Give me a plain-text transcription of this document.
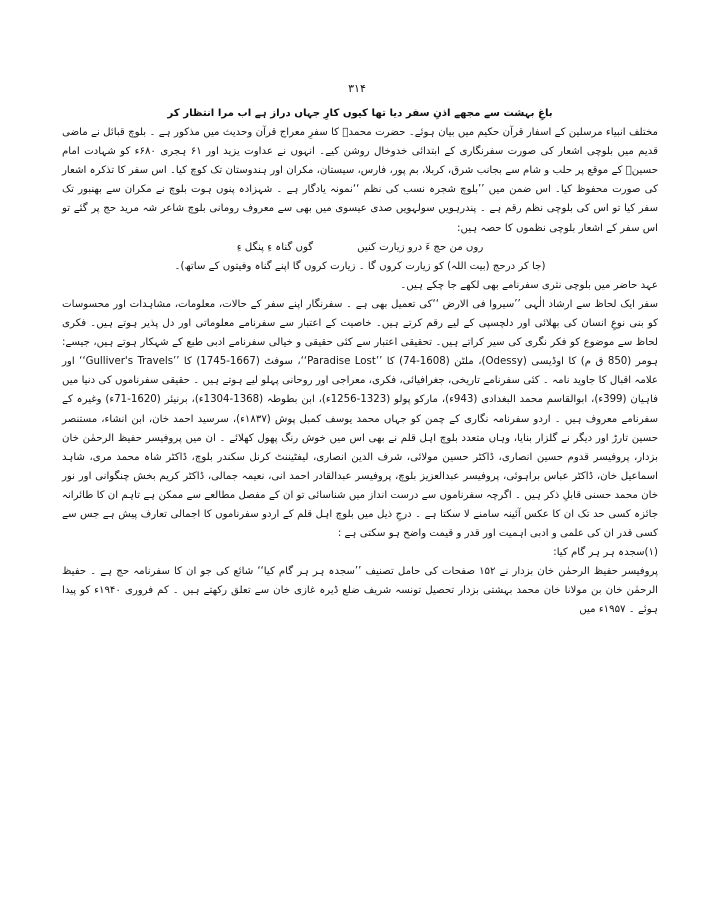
۳۱۴

باغِ بہشت سے مجھے اذنِ سفر دیا تھا کیوں کارِ جہاں دراز ہے اب مرا انتظار کر

مختلف انبیاء مرسلین کے اسفار قرآن حکیم میں بیان ہوئے۔ حضرت محمدؐ کا سفرِ معراج قرآن وحدیث میں مذکور ہے ۔ بلوچ قبائل نے ماضی قدیم میں بلوچی اشعار کی صورت سفرنگاری کے ابتدائی خدوخال روشن کیے۔ انہوں نے عداوت یزید اور ۶۱ ہجری ۶۸۰ء کو شہادت امام حسینؓ کے موقع پر حلب و شام سے بجانب شرق، کربلا، بم پور، فارس، سیستان، مکران اور ہندوستان تک کوچ کیا۔ اس سفر کا تذکرہ اشعار کی صورت محفوظ کیا۔ اس ضمن میں ’’بلوچ شجرہ نسب کی نظم ‘‘نمونہ یادگار ہے ۔ شہزادہ پنوں ہوت بلوچ نے مکران سے بھنبور تک سفر کیا تو اس کی بلوچی نظم رقم ہے ۔ پندرہویں سولہویں صدی عیسوی میں بھی سے معروف رومانی بلوچ شاعر شہ مرید حج پر گئے تو اس سفر کے اشعار بلوچی نظموں کا حصہ ہیں:

روں من حج ءَ درو زیارت کنیں
گوں گناہ ءِ پنگل ءِ

(جا کر درحج (بیت اللہ) کو زیارت کروں گا ۔ زیارت کروں گا اپنے گناہ وفیتوں کے ساتھ)۔

عہد حاضر میں بلوچی نثری سفرنامے بھی لکھے جا چکے ہیں۔

سفر ایک لحاظ سے ارشاد الٰہی ’’سیروا فی الارض ‘‘کی تعمیل بھی ہے ۔ سفرنگار اپنے سفر کے حالات، معلومات، مشاہدات اور محسوسات کو بنی نوعِ انسان کی بھلائی اور دلچسپی کے لیے رقم کرتے ہیں۔ خاصیت کے اعتبار سے سفرنامے معلوماتی اور دل پذیر ہوتے ہیں۔ فکری لحاظ سے موضوع کو فکر نگری کی سیر کراتے ہیں۔ تحقیقی اعتبار سے کئی حقیقی و خیالی سفرنامے ادبی طبع کے شہکار ہوتے ہیں، جیسے: ہومر (850 ق م) کا اوڈیسی (Odessy)، ملٹن (1608-74) کا ’’Paradise Lost‘‘، سوفٹ (1667-1745) کا ’’Gulliver's Travels‘‘ اور علامہ اقبال کا جاوید نامہ ۔ کئی سفرنامے تاریخی، جغرافیائی، فکری، معراجی اور روحانی پہلو لیے ہوتے ہیں ۔ حقیقی سفرناموں کی دنیا میں فاہیان (399ء)، ابوالقاسم محمد البغدادی (943ء)، مارکو پولو (1323-1256ء)، ابن بطوطہ (1368-1304ء)، برنیئر (1620-71ء) وغیرہ کے سفرنامے معروف ہیں ۔ اردو سفرنامہ نگاری کے چمن کو جہاں محمد یوسف کمبل پوش (۱۸۳۷ء)، سرسید احمد خان، ابن انشاء، مستنصر حسین تارڑ اور دیگر نے گلزار بنایا، وہاں متعدد بلوچ اہل قلم نے بھی اس میں خوش رنگ پھول کھلائے ۔ ان میں پروفیسر حفیظ الرحمٰن خان بزدار، پروفیسر قدوم حسین انصاری، ڈاکٹر حسین مولائی، شرف الدین انصاری، لیفٹیننٹ کرنل سکندر بلوچ، ڈاکٹر شاہ محمد مری، شاہد اسماعیل خان، ڈاکٹر عباس براہوئی، پروفیسر عبدالعزیز بلوچ، پروفیسر عبدالقادر احمد انی، نعیمہ جمالی، ڈاکٹر کریم بخش چنگوانی اور نور خان محمد حسنی قابلِ ذکر ہیں ۔ اگرچہ سفرناموں سے درست انداز میں شناسائی تو ان کے مفصل مطالعے سے ممکن ہے تاہم ان کا طائرانہ جائزہ کسی حد تک ان کا عکس آئینہ سامنے لا سکتا ہے ۔ درجِ ذیل میں بلوچ اہل قلم کے اردو سفرناموں کا اجمالی تعارف پیش ہے جس سے کسی قدر ان کی علمی و ادبی اہمیت اور قدر و قیمت واضح ہو سکتی ہے :

(۱)سجدہ ہر ہر گام کیا:

پروفیسر حفیظ الرحمٰن خان بزدار نے ۱۵۲ صفحات کی حامل تصنیف ’’سجدہ ہر ہر گام کیا‘‘ شائع کی جو ان کا سفرنامہ حج ہے ۔ حفیظ الرحمٰن خان بن مولانا خان محمد بہشتی بزدار تحصیل تونسہ شریف ضلع ڈیرہ غازی خان سے تعلق رکھتے ہیں ۔ کم فروری ۱۹۴۰ء کو پیدا ہوئے ۔ ۱۹۵۷ء میں
